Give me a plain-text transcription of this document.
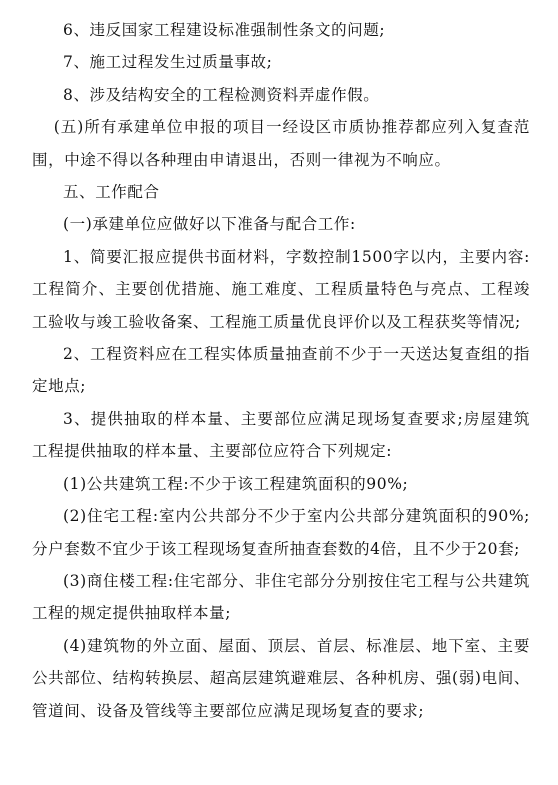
6、违反国家工程建设标准强制性条文的问题;

7、施工过程发生过质量事故;

8、涉及结构安全的工程检测资料弄虚作假。

(五)所有承建单位申报的项目一经设区市质协推荐都应列入复查范围，中途不得以各种理由申请退出，否则一律视为不响应。

五、工作配合

(一)承建单位应做好以下准备与配合工作:

1、简要汇报应提供书面材料，字数控制1500字以内，主要内容:工程简介、主要创优措施、施工难度、工程质量特色与亮点、工程竣工验收与竣工验收备案、工程施工质量优良评价以及工程获奖等情况;

2、工程资料应在工程实体质量抽查前不少于一天送达复查组的指定地点;

3、提供抽取的样本量、主要部位应满足现场复查要求;房屋建筑工程提供抽取的样本量、主要部位应符合下列规定:

(1)公共建筑工程:不少于该工程建筑面积的90%;

(2)住宅工程:室内公共部分不少于室内公共部分建筑面积的90%;分户套数不宜少于该工程现场复查所抽查套数的4倍，且不少于20套;

(3)商住楼工程:住宅部分、非住宅部分分别按住宅工程与公共建筑工程的规定提供抽取样本量;

(4)建筑物的外立面、屋面、顶层、首层、标准层、地下室、主要公共部位、结构转换层、超高层建筑避难层、各种机房、强(弱)电间、管道间、设备及管线等主要部位应满足现场复查的要求;
